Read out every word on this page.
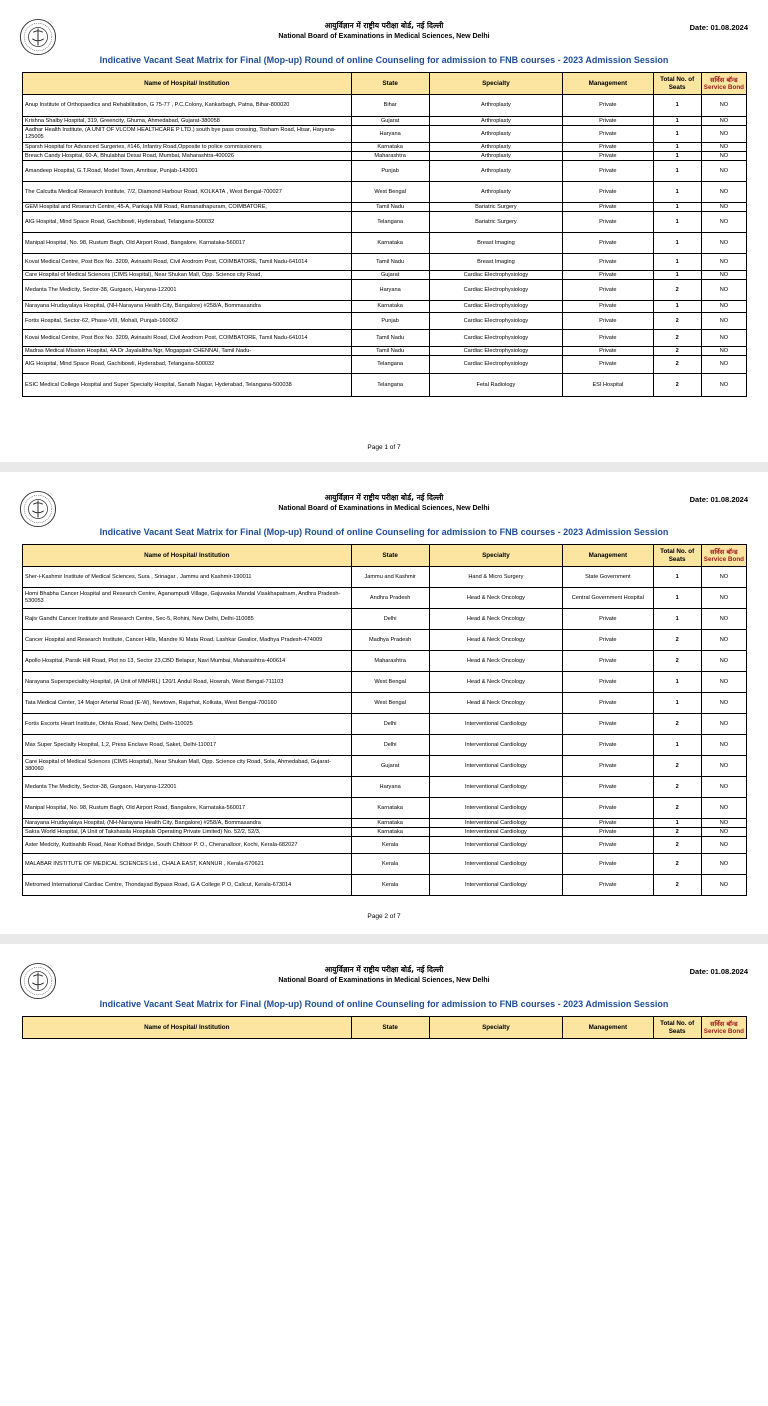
आयुर्विज्ञान में राष्ट्रीय परीक्षा बोर्ड, नई दिल्ली
National Board of Examinations in Medical Sciences, New Delhi
Date: 01.08.2024
Indicative Vacant Seat Matrix for Final (Mop-up) Round of online Counseling for admission to FNB courses - 2023 Admission Session
Name of Hospital/ Institution	State	Specialty	Management	Total No. of Seats	सर्विस बॉन्ड
Service Bond

Anup Institute of Orthopaedics and Rehabilitation, G 75-77 , P.C.Colony, Kankarbagh, Patna, Bihar-800020	Bihar	Arthroplasty	Private	1	NO
Krishna Shalby Hospital, 319, Greencity, Ghuma, Ahmedabad, Gujarat-380058	Gujarat	Arthroplasty	Private	1	NO
Aadhar Health Institute, (A UNIT OF VLCOM HEALTHCARE P LTD.) south bye pass crossing, Tosham Road, Hisar, Haryana-125005	Haryana	Arthroplasty	Private	1	NO
Sparsh Hospital for Advanced Surgeries, #146, Infantry Road,Opposite to police commissioners	Karnataka	Arthroplasty	Private	1	NO
Breach Candy Hospital, 60-A, Bhulabhai Desai Road, Mumbai, Maharashtra-400026	Maharashtra	Arthroplasty	Private	1	NO
Amandeep Hospital, G.T.Road, Model Town, Amritsar, Punjab-143001	Punjab	Arthroplasty	Private	1	NO
The Calcutta Medical Research Institute, 7/2, Diamond Harbour Road, KOLKATA , West Bengal-700027	West Bengal	Arthroplasty	Private	1	NO
GEM Hospital and Research Centre, 45-A, Pankaja Mill Road, Ramanathapuram, COIMBATORE,	Tamil Nadu	Bariatric Surgery	Private	1	NO
AIG Hospital, Mind Space Road, Gachibowli, Hyderabad, Telangana-500032	Telangana	Bariatric Surgery	Private	1	NO
Manipal Hospital, No. 98, Rustum Bagh, Old Airport Road, Bangalore, Karnataka-560017	Karnataka	Breast Imaging	Private	1	NO
Kovai Medical Centre, Post Box No. 3209, Avinashi Road, Civil Arodrom Post, COIMBATORE, Tamil Nadu-641014	Tamil Nadu	Breast Imaging	Private	1	NO
Care Hospital of Medical Sciences (CIMS Hospital), Near Shukan Mall, Opp. Science city Road,	Gujarat	Cardiac Electrophysiology	Private	1	NO
Medanta The Medicity, Sector-38, Gurgaon, Haryana-122001	Haryana	Cardiac Electrophysiology	Private	2	NO
Narayana Hrudayalaya Hospital, (NH-Narayana Health City, Bangalore) #258/A, Bommasandra	Karnataka	Cardiac Electrophysiology	Private	1	NO
Fortis Hospital, Sector-62, Phase-VIII, Mohali, Punjab-160062	Punjab	Cardiac Electrophysiology	Private	2	NO
Kovai Medical Centre, Post Box No. 3209, Avinashi Road, Civil Arodrom Post, COIMBATORE, Tamil Nadu-641014	Tamil Nadu	Cardiac Electrophysiology	Private	2	NO
Madras Medical Mission Hospital, 4A Dr Jayalalitha Ngr, Mogappair CHENNAI, Tamil Nadu-	Tamil Nadu	Cardiac Electrophysiology	Private	2	NO
AIG Hospital, Mind Space Road, Gachibowli, Hyderabad, Telangana-500032	Telangana	Cardiac Electrophysiology	Private	2	NO
ESIC Medical College Hospital and Super Specialty Hospital, Sanath Nagar, Hyderabad, Telangana-500038	Telangana	Fetal Radiology	ESI Hospital	2	NO
Page 1 of 7
आयुर्विज्ञान में राष्ट्रीय परीक्षा बोर्ड, नई दिल्ली
National Board of Examinations in Medical Sciences, New Delhi
Date: 01.08.2024
Indicative Vacant Seat Matrix for Final (Mop-up) Round of online Counseling for admission to FNB courses - 2023 Admission Session
Name of Hospital/ Institution	State	Specialty	Management	Total No. of Seats	सर्विस बॉन्ड
Service Bond

Sher-i-Kashmir Institute of Medical Sciences, Sura , Srinagar , Jammu and Kashmir-190011	Jammu and Kashmir	Hand & Micro Surgery	State Government	1	NO
Homi Bhabha Cancer Hospital and Research Centre, Aganampudi Village, Gajuwaka Mandal Visakhapatnam, Andhra Pradesh-530053	Andhra Pradesh	Head & Neck Oncology	Central Government Hospital	1	NO
Rajiv Gandhi Cancer Institute and Research Centre, Sec-5, Rohini, New Delhi, Delhi-110085	Delhi	Head & Neck Oncology	Private	1	NO
Cancer Hospital and Research Institute, Cancer Hills, Mandre Ki Mata Road, Lashkar Gwalior, Madhya Pradesh-474009	Madhya Pradesh	Head & Neck Oncology	Private	2	NO
Apollo Hospital, Parsik Hill Road, Plot no 13, Sector 23,CBD Belapur, Navi Mumbai, Maharashtra-400614	Maharashtra	Head & Neck Oncology	Private	2	NO
Narayana Superspeciality Hospital, (A Unit of MMHRL) 120/1 Andul Road, Howrah, West Bengal-711103	West Bengal	Head & Neck Oncology	Private	1	NO
Tata Medical Center, 14 Major Arterial Road (E-W), Newtown, Rajarhat, Kolkata, West Bengal-700160	West Bengal	Head & Neck Oncology	Private	1	NO
Fortis Escorts Heart Institute, Okhla Road, New Delhi, Delhi-110025	Delhi	Interventional Cardiology	Private	2	NO
Max Super Specialty Hospital, 1,2, Press Enclave Road, Saket, Delhi-110017	Delhi	Interventional Cardiology	Private	1	NO
Care Hospital of Medical Sciences (CIMS Hospital), Near Shukan Mall, Opp. Science city Road, Sola, Ahmedabad, Gujarat-380060	Gujarat	Interventional Cardiology	Private	2	NO
Medanta The Medicity, Sector-38, Gurgaon, Haryana-122001	Haryana	Interventional Cardiology	Private	2	NO
Manipal Hospital, No. 98, Rustum Bagh, Old Airport Road, Bangalore, Karnataka-560017	Karnataka	Interventional Cardiology	Private	2	NO
Narayana Hrudayalaya Hospital, (NH-Narayana Health City, Bangalore) #258/A, Bommasandra	Karnataka	Interventional Cardiology	Private	1	NO
Sakra World Hospital, (A Unit of Takshasila Hospitals Operating Private Limited) No. 52/2, 52/3,	Karnataka	Interventional Cardiology	Private	2	NO
Aster Medcity, Kuttisahib Road, Near Kothad Bridge, South Chittoor P. O., Cheranalloor, Kochi, Kerala-682027	Kerala	Interventional Cardiology	Private	2	NO
MALABAR INSTITUTE OF MEDICAL SCIENCES Ltd., CHALA EAST, KANNUR , Kerala-670621	Kerala	Interventional Cardiology	Private	2	NO
Metromed International Cardiac Centre, Thondayad Bypass Road, G A College P O, Calicut, Kerala-673014	Kerala	Interventional Cardiology	Private	2	NO
Page 2 of 7
आयुर्विज्ञान में राष्ट्रीय परीक्षा बोर्ड, नई दिल्ली
National Board of Examinations in Medical Sciences, New Delhi
Date: 01.08.2024
Indicative Vacant Seat Matrix for Final (Mop-up) Round of online Counseling for admission to FNB courses - 2023 Admission Session
Name of Hospital/ Institution	State	Specialty	Management	Total No. of Seats	
सर्विस बॉन्ड
Service Bond
